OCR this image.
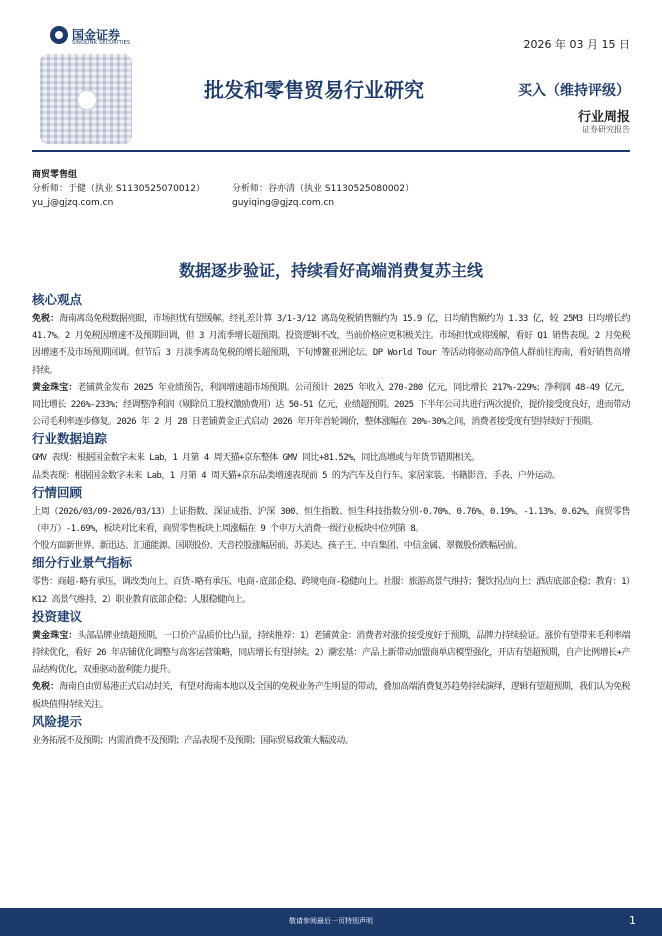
国金证券
SINOLINK SECURITIES	2026 年 03 月 15 日
批发和零售贸易行业研究	买入（维持评级）
行业周报
证券研究报告
商贸零售组
分析师：于健（执业 S1130525070012）	分析师：谷亦清（执业 S1130525080002）
yu_j@gjzq.com.cn	guyiqing@gjzq.com.cn
数据逐步验证，持续看好高端消费复苏主线
核心观点

免税：海南离岛免税数据亮眼，市场担忧有望缓解。经礼差计算 3/1-3/12 离岛免税销售额约为 15.9 亿，日均销售额约为 1.33 亿，较 25M3 日均增长约 41.7%。2 月免税因增速不及预期回调，但 3 月流季增长超预期。投资逻辑不改，当前价格应更积极关注。市场担忧或将缓解，看好 Q1 销售表现。2 月免税因增速不及市场预期回调。但节后 3 月淡季离岛免税的增长超预期，下旬博鳌亚洲论坛、DP World Tour 等活动将驱动高净值人群前往海南，看好销售高增持续。

黄金珠宝：老铺黄金发布 2025 年业绩预告，利润增速超市场预期。公司预计 2025 年收入 270-280 亿元，同比增长 217%-229%；净利润 48-49 亿元，同比增长 226%-233%；经调整净利润（剔除员工股权激励费用）达 50-51 亿元，业绩超预期。2025 下半年公司共进行两次提价，提价接受度良好，进而带动公司毛利率逐步修复。2026 年 2 月 28 日老铺黄金正式启动 2026 年开年首轮调价，整体涨幅在 20%-30%之间，消费者接受度有望持续好于预期。

行业数据追踪

GMV 表现：根据国金数字未来 Lab，1 月第 4 周天猫+京东整体 GMV 同比+81.52%，同比高增或与年货节错期相关。

品类表现：根据国金数字未来 Lab，1 月第 4 周天猫+京东品类增速表现前 5 的为汽车及自行车、家居家装、书籍影音、手表、户外运动。

行情回顾

上周（2026/03/09-2026/03/13）上证指数、深证成指、沪深 300、恒生指数、恒生科技指数分别-0.70%、0.76%、0.19%、-1.13%、0.62%，商贸零售（申万）-1.69%，板块对比来看，商贸零售板块上周涨幅在 9 个申万大消费一级行业板块中位列第 8。

个股方面新世界、新迅达、汇通能源、国联股份、天音控股涨幅居前，苏美达、孩子王、中百集团、中信金属、翠微股份跌幅居前。

细分行业景气指标

零售：商超-略有承压，调改类向上、百货-略有承压、电商-底部企稳、跨境电商-稳健向上。社服：旅游高景气维持；餐饮拐点向上；酒店底部企稳；教育：1）K12 高景气维持，2）职业教育底部企稳；人服稳健向上。

投资建议

黄金珠宝：头部品牌业绩超预期，一口价产品质价比凸显，持续推荐：1）老铺黄金：消费者对涨价接受度好于预期，品牌力持续验证。涨价有望带来毛利率端持续优化，看好 26 年店铺优化调整与高客运营策略，同店增长有望持续。2）潮宏基：产品上新带动加盟商单店模型强化，开店有望超预期，自产比例增长+产品结构优化，双重驱动盈利能力提升。

免税：海南自由贸易港正式启动封关，有望对海南本地以及全国的免税业务产生明显的带动，叠加高端消费复苏趋势持续演绎，逻辑有望超预期，我们认为免税板块值得持续关注。

风险提示

业务拓展不及预期；内需消费不及预期；产品表现不及预期；国际贸易政策大幅波动。

敬请参阅最后一页特别声明	1
